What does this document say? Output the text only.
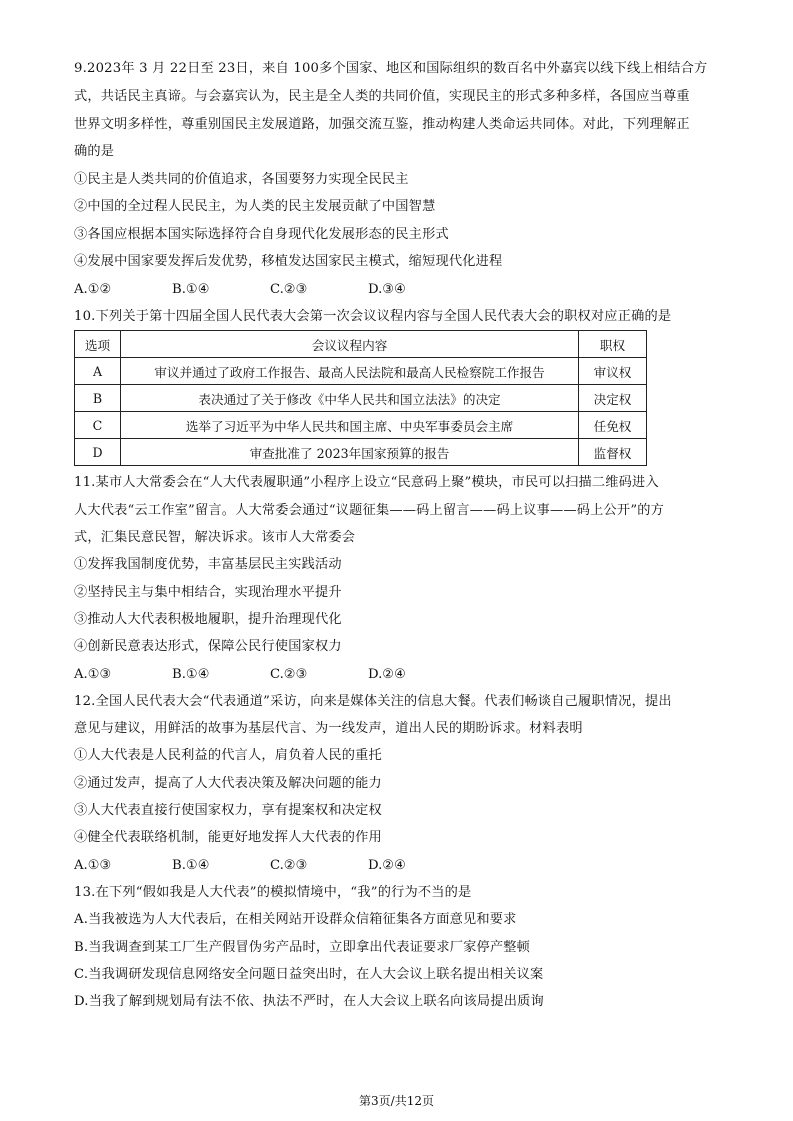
9.2023年 3 月 22日至 23日，来自 100多个国家、地区和国际组织的数百名中外嘉宾以线下线上相结合方
式，共话民主真谛。与会嘉宾认为，民主是全人类的共同价值，实现民主的形式多种多样，各国应当尊重
世界文明多样性，尊重别国民主发展道路，加强交流互鉴，推动构建人类命运共同体。对此，下列理解正
确的是
①民主是人类共同的价值追求，各国要努力实现全民民主
②中国的全过程人民民主，为人类的民主发展贡献了中国智慧
③各国应根据本国实际选择符合自身现代化发展形态的民主形式
④发展中国家要发挥后发优势，移植发达国家民主模式，缩短现代化进程
A.①②	B.①④	C.②③	D.③④
10.下列关于第十四届全国人民代表大会第一次会议议程内容与全国人民代表大会的职权对应正确的是
选项	会议议程内容	职权
A	审议并通过了政府工作报告、最高人民法院和最高人民检察院工作报告	审议权
B	表决通过了关于修改《中华人民共和国立法法》的决定	决定权
C	选举了习近平为中华人民共和国主席、中央军事委员会主席	任免权
D	审查批准了 2023年国家预算的报告	监督权
11.某市人大常委会在“人大代表履职通”小程序上设立“民意码上聚”模块，市民可以扫描二维码进入
人大代表“云工作室”留言。人大常委会通过“议题征集——码上留言——码上议事——码上公开”的方
式，汇集民意民智，解决诉求。该市人大常委会
①发挥我国制度优势，丰富基层民主实践活动
②坚持民主与集中相结合，实现治理水平提升
③推动人大代表积极地履职，提升治理现代化
④创新民意表达形式，保障公民行使国家权力
A.①③	B.①④	C.②③	D.②④
12.全国人民代表大会“代表通道”采访，向来是媒体关注的信息大餐。代表们畅谈自己履职情况，提出
意见与建议，用鲜活的故事为基层代言、为一线发声，道出人民的期盼诉求。材料表明
①人大代表是人民利益的代言人，肩负着人民的重托
②通过发声，提高了人大代表决策及解决问题的能力
③人大代表直接行使国家权力，享有提案权和决定权
④健全代表联络机制，能更好地发挥人大代表的作用
A.①③	B.①④	C.②③	D.②④
13.在下列“假如我是人大代表”的模拟情境中，“我”的行为不当的是
A.当我被选为人大代表后，在相关网站开设群众信箱征集各方面意见和要求
B.当我调查到某工厂生产假冒伪劣产品时，立即拿出代表证要求厂家停产整顿
C.当我调研发现信息网络安全问题日益突出时，在人大会议上联名提出相关议案
D.当我了解到规划局有法不依、执法不严时，在人大会议上联名向该局提出质询
第3页/共12页
